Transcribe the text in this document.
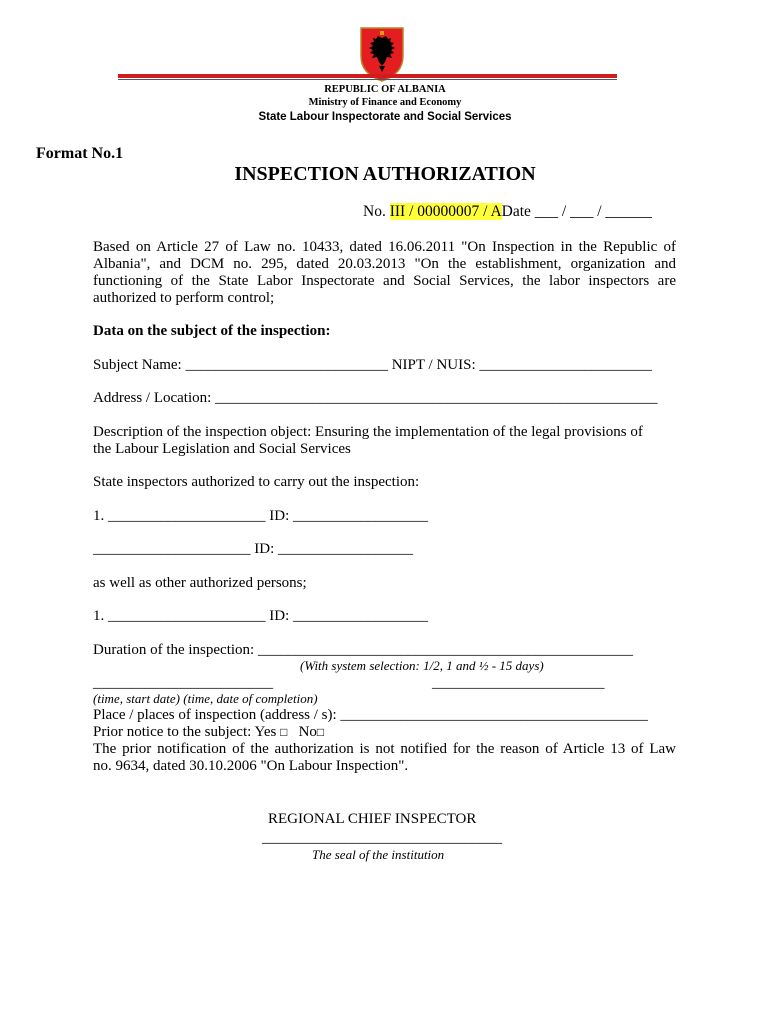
REPUBLIC OF ALBANIA
Ministry of Finance and Economy
State Labour Inspectorate and Social Services
Format No.1
INSPECTION AUTHORIZATION
No. III / 00000007 / ADate ___ / ___ / ______
Based on Article 27 of Law no. 10433, dated 16.06.2011 "On Inspection in the Republic of
Albania", and DCM no. 295, dated 20.03.2013 "On the establishment, organization and
functioning of the State Labor Inspectorate and Social Services, the labor inspectors are
authorized to perform control;
Data on the subject of the inspection:
Subject Name: ___________________________ NIPT / NUIS: _______________________
Address / Location: ___________________________________________________________
Description of the inspection object: Ensuring the implementation of the legal provisions of
the Labour Legislation and Social Services
State inspectors authorized to carry out the inspection:
1. _____________________ ID: __________________
_____________________ ID: __________________
as well as other authorized persons;
1. _____________________ ID: __________________
Duration of the inspection: __________________________________________________
(With system selection: 1/2, 1 and ½ - 15 days)
________________________	_______________________
(time, start date) (time, date of completion)
Place / places of inspection (address / s): _________________________________________
Prior notice to the subject: Yes □ No□
The prior notification of the authorization is not notified for the reason of Article 13 of Law
no. 9634, dated 30.10.2006 "On Labour Inspection".
REGIONAL CHIEF INSPECTOR
________________________________
The seal of the institution
